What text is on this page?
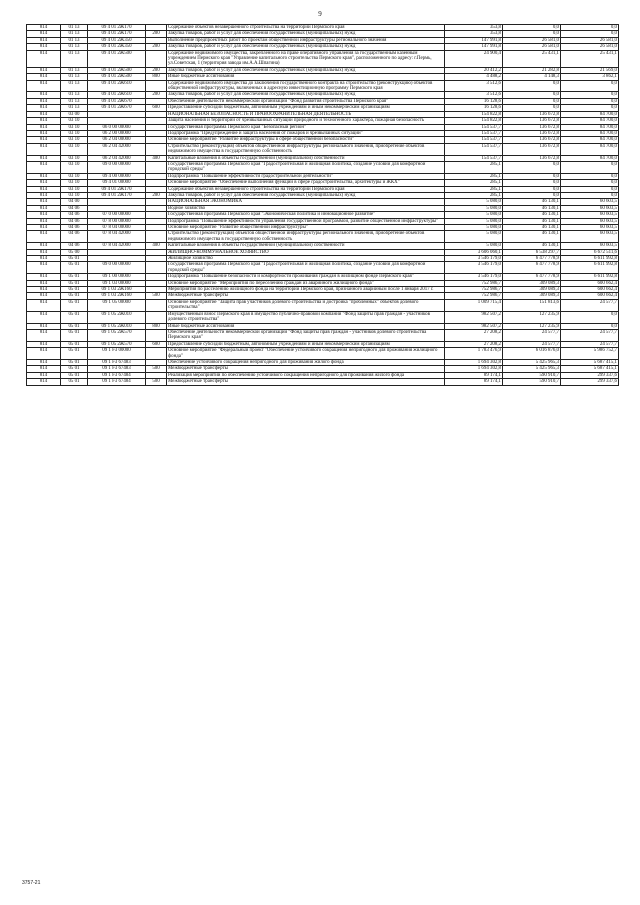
9
814	01 13	09 4 01 2Ж170		Содержание объектов незавершенного строительства на территории Пермского края	353,8	0,0	0,0
814	01 13	09 4 01 2Ж170	200	Закупка товаров, работ и услуг для обеспечения государственных (муниципальных) нужд	353,8	0,0	0,0
814	01 13	09 4 01 2Ж350		Выполнение предпроектных работ по проектам общественной инфраструктуры регионального значения	147 991,8	26 581,0	26 581,0
814	01 13	09 4 01 2Ж350	200	Закупка товаров, работ и услуг для обеспечения государственных (муниципальных) нужд	147 991,8	26 581,0	26 581,0
814	01 13	09 4 01 2Ж500		Содержание недвижимого имущества, закрепленного на праве оперативного управления за государственным казенным учреждением Пермского края "Управление капитального строительства Пермского края", расположенного по адресу: г.Пермь, ул.Советская, 1 (территория завода им.А.А.Шпагина)	24 900,4	25 431,1	25 431,1
814	01 13	09 4 01 2Ж500	200	Закупка товаров, работ и услуг для обеспечения государственных (муниципальных) нужд	20 412,2	21 282,8	21 569,0
814	01 13	09 4 01 2Ж500	800	Иные бюджетные ассигнования	4 488,2	4 148,3	3 862,1
814	01 13	09 4 01 2Ж610		Содержание недвижимого имущества до заключения государственного контракта на строительство (реконструкцию) объектов общественной инфраструктуры, включенных в адресную инвестиционную программу Пермского края	3 512,6	0,0	0,0
814	01 13	09 4 01 2Ж610	200	Закупка товаров, работ и услуг для обеспечения государственных (муниципальных) нужд	3 512,6	0,0	0,0
814	01 13	09 4 01 2Ж670		Обеспечение деятельности некоммерческой организации "Фонд развития строительства Пермского края"	16 128,6	0,0	0,0
814	01 13	09 4 01 2Ж670	600	Предоставление субсидий бюджетным, автономным учреждениям и иным некоммерческим организациям	16 128,6	0,0	0,0
814	03 00			НАЦИОНАЛЬНАЯ БЕЗОПАСНОСТЬ И ПРАВООХРАНИТЕЛЬНАЯ ДЕЯТЕЛЬНОСТЬ	154 822,8	136 672,8	84 700,0
814	03 10			Защита населения и территории от чрезвычайных ситуаций природного и техногенного характера, пожарная безопасность	154 822,8	136 672,8	84 700,0
814	03 10	06 0 00 00000		Государственная программа Пермского края "Безопасный регион"	154 537,7	136 672,8	84 700,0
814	03 10	06 2 00 00000		Подпрограмма "Предупреждение и защита населения от пожаров и чрезвычайных ситуаций"	154 537,7	136 672,8	84 700,0
814	03 10	06 2 04 00000		Основное мероприятие "Развитие инфраструктуры в сфере общественной безопасности"	154 537,7	136 672,8	84 700,0
814	03 10	06 2 04 42000		Строительство (реконструкция) объектов общественной инфраструктуры регионального значения, приобретение объектов недвижимого имущества в государственную собственность	154 537,7	136 672,8	84 700,0
814	03 10	06 2 04 42000	400	Капитальные вложения в объекты государственной (муниципальной) собственности	154 537,7	136 672,8	84 700,0
814	03 10	09 0 00 00000		Государственная программа Пермского края "Градостроительная и жилищная политика, создание условий для комфортной городской среды"	285,1	0,0	0,0
814	03 10	09 4 00 00000		Подпрограмма "Повышение эффективности градостроительной деятельности"	285,1	0,0	0,0
814	03 10	09 4 01 00000		Основное мероприятие "Обеспечение выполнения функций в сфере градостроительства, архитектуры и ЖКХ"	285,1	0,0	0,0
814	03 10	09 4 01 2Ж170		Содержание объектов незавершенного строительства на территории Пермского края	285,1	0,0	0,0
814	03 10	09 4 01 2Ж170	200	Закупка товаров, работ и услуг для обеспечения государственных (муниципальных) нужд	285,1	0,0	0,0
814	04 00			НАЦИОНАЛЬНАЯ ЭКОНОМИКА	5 080,0	46 130,1	60 603,5
814	04 06			Водное хозяйство	5 080,0	46 130,1	60 603,5
814	04 06	07 0 00 00000		Государственная программа Пермского края "Экономическая политика и инновационное развитие"	5 080,0	46 130,1	60 603,5
814	04 06	07 8 00 00000		Подпрограмма "Повышение эффективности управления государственной программой, развитие общественной инфраструктуры"	5 080,0	46 130,1	60 603,5
814	04 06	07 8 04 00000		Основное мероприятие "Развитие общественной инфраструктуры"	5 080,0	46 130,1	60 603,5
814	04 06	07 8 04 42000		Строительство (реконструкция) объектов общественной инфраструктуры регионального значения, приобретение объектов недвижимого имущества в государственную собственность	5 080,0	46 130,1	60 603,5
814	04 06	07 8 04 42000	400	Капитальные вложения в объекты государственной (муниципальной) собственности	5 080,0	46 130,1	60 603,5
814	05 00			ЖИЛИЩНО-КОММУНАЛЬНОЕ ХОЗЯЙСТВО	3 606 060,1	6 538 297,7	6 672 511,6
814	05 01			Жилищное хозяйство	3 546 179,0	6 477 778,9	6 611 992,8
814	05 01	09 0 00 00000		Государственная программа Пермского края "Градостроительная и жилищная политика, создание условий для комфортной городской среды"	3 546 179,0	6 477 778,9	6 611 992,8
814	05 01	09 1 00 00000		Подпрограмма "Повышение безопасности и комфортности проживания граждан в жилищном фонде Пермского края"	3 546 179,0	6 477 778,9	6 611 992,8
814	05 01	09 1 03 00000		Основное мероприятие "Мероприятия по переселению граждан из аварийного жилищного фонда"	752 986,7	309 089,3	600 662,4
814	05 01	09 1 03 2Ж160		Мероприятия по расселению жилищного фонда на территории Пермского края, признанного аварийным после 1 января 2017 г.	752 986,7	309 089,3	600 662,4
814	05 01	09 1 03 2Ж160	500	Межбюджетные трансферты	752 986,7	309 089,3	600 662,4
814	05 01	09 1 05 00000		Основное мероприятие "Защита прав участников долевого строительства и достройка "проблемных" объектов долевого строительства"	1 009 715,4	151 813,6	24 577,7
814	05 01	09 1 05 2Ж010		Имущественный взнос Пермского края в имущество публично-правовой компании "Фонд защиты прав граждан - участников долевого строительства"	982 507,2	127 235,9	0,0
814	05 01	09 1 05 2Ж010	800	Иные бюджетные ассигнования	982 507,2	127 235,9	0,0
814	05 01	09 1 05 2Ж570		Обеспечение деятельности некоммерческой организации "Фонд защиты прав граждан - участников долевого строительства Пермского края"	27 208,2	24 577,7	24 577,7
814	05 01	09 1 05 2Ж570	600	Предоставление субсидий бюджетным, автономным учреждениям и иным некоммерческим организациям	27 208,2	24 577,7	24 577,7
814	05 01	09 1 F3 00000		Основное мероприятие "Федеральный проект "Обеспечение устойчивого сокращения непригодного для проживания жилищного фонда"	1 783 476,9	6 016 876,0	5 986 752,7
814	05 01	09 1 F3 67483		Обеспечение устойчивого сокращения непригодного для проживания жилого фонда	1 694 302,8	5 425 965,3	5 687 415,1
814	05 01	09 1 F3 67483	500	Межбюджетные трансферты	1 694 302,8	5 425 965,3	5 687 415,1
814	05 01	09 1 F3 67484		Реализация мероприятий по обеспечению устойчивого сокращения непригодного для проживания жилого фонда	89 174,1	590 910,7	299 337,6
814	05 01	09 1 F3 67484	500	Межбюджетные трансферты	89 174,1	590 910,7	299 337,6
3757-21
